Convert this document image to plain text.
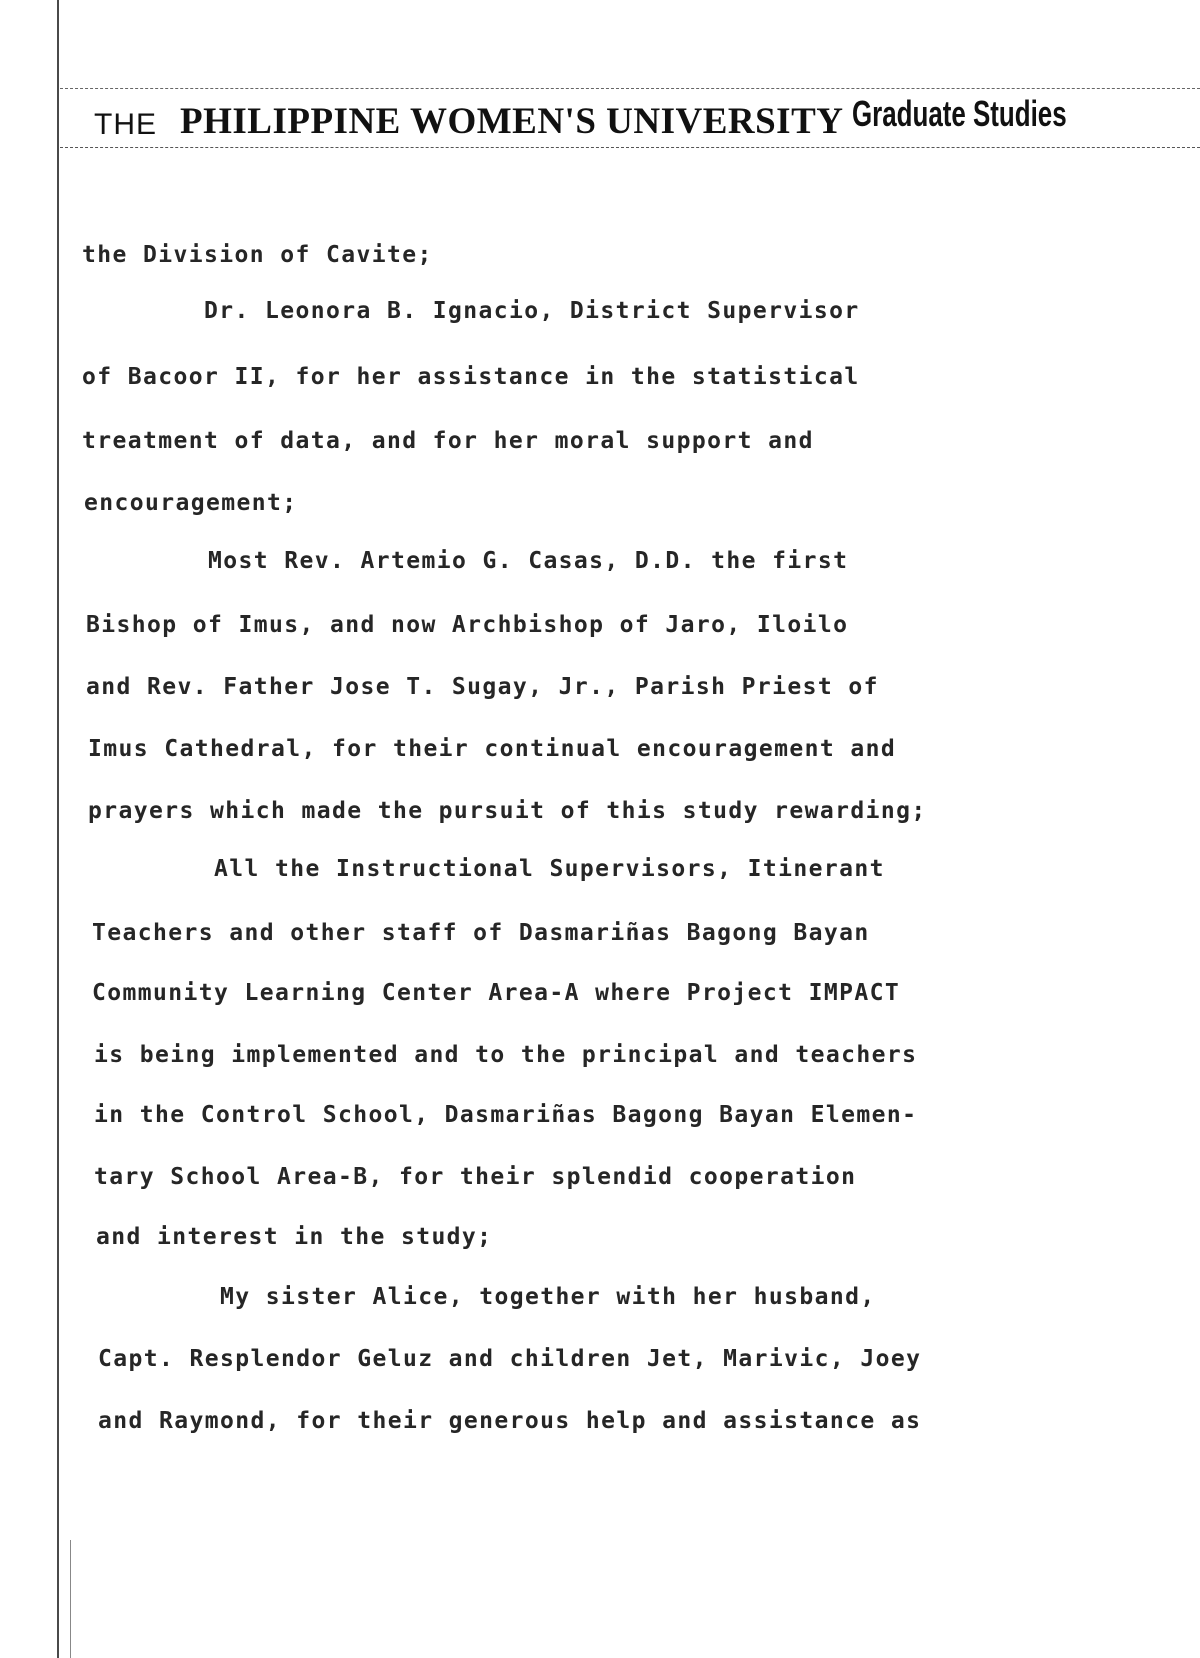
THE PHILIPPINE WOMEN'S UNIVERSITY Graduate Studies
the Division of Cavite;
Dr. Leonora B. Ignacio, District Supervisor
of Bacoor II, for her assistance in the statistical
treatment of data, and for her moral support and
encouragement;
Most Rev. Artemio G. Casas, D.D. the first
Bishop of Imus, and now Archbishop of Jaro, Iloilo
and Rev. Father Jose T. Sugay, Jr., Parish Priest of
Imus Cathedral, for their continual encouragement and
prayers which made the pursuit of this study rewarding;
All the Instructional Supervisors, Itinerant
Teachers and other staff of Dasmariñas Bagong Bayan
Community Learning Center Area-A where Project IMPACT
is being implemented and to the principal and teachers
in the Control School, Dasmariñas Bagong Bayan Elemen-
tary School Area-B, for their splendid cooperation
and interest in the study;
My sister Alice, together with her husband,
Capt. Resplendor Geluz and children Jet, Marivic, Joey
and Raymond, for their generous help and assistance as
